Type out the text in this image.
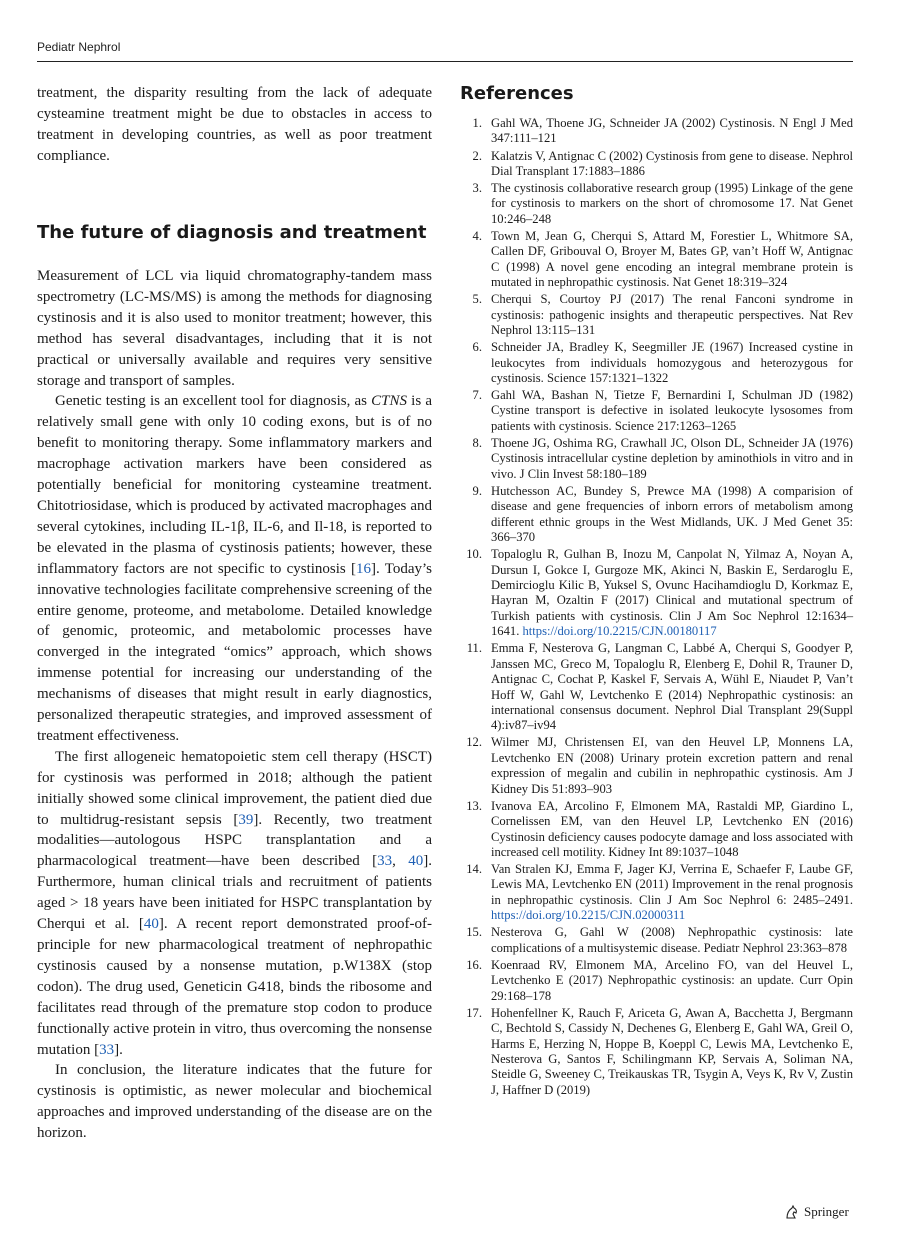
Pediatr Nephrol

treatment, the disparity resulting from the lack of adequate cysteamine treatment might be due to obstacles in access to treatment in developing countries, as well as poor treatment compliance.

The future of diagnosis and treatment

Measurement of LCL via liquid chromatography-tandem mass spectrometry (LC-MS/MS) is among the methods for diagnosing cystinosis and it is also used to monitor treatment; however, this method has several disadvantages, including that it is not practical or universally available and requires very sensitive storage and transport of samples.

Genetic testing is an excellent tool for diagnosis, as CTNS is a relatively small gene with only 10 coding exons, but is of no benefit to monitoring therapy. Some inflammatory markers and macrophage activation markers have been considered as potentially beneficial for monitoring cysteamine treatment. Chitotriosidase, which is produced by activated macrophages and several cytokines, including IL-1β, IL-6, and Il-18, is reported to be elevated in the plasma of cystinosis patients; however, these inflammatory factors are not specific to cystinosis [16]. Today’s innovative technologies facilitate comprehensive screening of the entire genome, proteome, and metabolome. Detailed knowledge of genomic, proteomic, and metabolomic processes have converged in the integrated “omics” approach, which shows immense potential for increasing our understanding of the mechanisms of diseases that might result in early diagnostics, personalized therapeutic strategies, and improved assessment of treatment effectiveness.

The first allogeneic hematopoietic stem cell therapy (HSCT) for cystinosis was performed in 2018; although the patient initially showed some clinical improvement, the patient died due to multidrug-resistant sepsis [39]. Recently, two treatment modalities—autologous HSPC transplantation and a pharmacological treatment—have been described [33, 40]. Furthermore, human clinical trials and recruitment of patients aged > 18 years have been initiated for HSPC transplantation by Cherqui et al. [40]. A recent report demonstrated proof-of-principle for new pharmacological treatment of nephropathic cystinosis caused by a nonsense mutation, p.W138X (stop codon). The drug used, Geneticin G418, binds the ribosome and facilitates read through of the premature stop codon to produce functionally active protein in vitro, thus overcoming the nonsense mutation [33].

In conclusion, the literature indicates that the future for cystinosis is optimistic, as newer molecular and biochemical approaches and improved understanding of the disease are on the horizon.

References
1. Gahl WA, Thoene JG, Schneider JA (2002) Cystinosis. N Engl J Med 347:111–121
2. Kalatzis V, Antignac C (2002) Cystinosis from gene to disease. Nephrol Dial Transplant 17:1883–1886
3. The cystinosis collaborative research group (1995) Linkage of the gene for cystinosis to markers on the short of chromosome 17. Nat Genet 10:246–248
4. Town M, Jean G, Cherqui S, Attard M, Forestier L, Whitmore SA, Callen DF, Gribouval O, Broyer M, Bates GP, van’t Hoff W, Antignac C (1998) A novel gene encoding an integral membrane protein is mutated in nephropathic cystinosis. Nat Genet 18:319–324
5. Cherqui S, Courtoy PJ (2017) The renal Fanconi syndrome in cystinosis: pathogenic insights and therapeutic perspectives. Nat Rev Nephrol 13:115–131
6. Schneider JA, Bradley K, Seegmiller JE (1967) Increased cystine in leukocytes from individuals homozygous and heterozygous for cystinosis. Science 157:1321–1322
7. Gahl WA, Bashan N, Tietze F, Bernardini I, Schulman JD (1982) Cystine transport is defective in isolated leukocyte lysosomes from patients with cystinosis. Science 217:1263–1265
8. Thoene JG, Oshima RG, Crawhall JC, Olson DL, Schneider JA (1976) Cystinosis intracellular cystine depletion by aminothiols in vitro and in vivo. J Clin Invest 58:180–189
9. Hutchesson AC, Bundey S, Prewce MA (1998) A comparision of disease and gene frequencies of inborn errors of metabolism among different ethnic groups in the West Midlands, UK. J Med Genet 35: 366–370
10. Topaloglu R, Gulhan B, Inozu M, Canpolat N, Yilmaz A, Noyan A, Dursun I, Gokce I, Gurgoze MK, Akinci N, Baskin E, Serdaroglu E, Demircioglu Kilic B, Yuksel S, Ovunc Hacihamdioglu D, Korkmaz E, Hayran M, Ozaltin F (2017) Clinical and mutational spectrum of Turkish patients with cystinosis. Clin J Am Soc Nephrol 12:1634–1641. https://doi.org/10.2215/CJN.00180117
11. Emma F, Nesterova G, Langman C, Labbé A, Cherqui S, Goodyer P, Janssen MC, Greco M, Topaloglu R, Elenberg E, Dohil R, Trauner D, Antignac C, Cochat P, Kaskel F, Servais A, Wühl E, Niaudet P, Van’t Hoff W, Gahl W, Levtchenko E (2014) Nephropathic cystinosis: an international consensus document. Nephrol Dial Transplant 29(Suppl 4):iv87–iv94
12. Wilmer MJ, Christensen EI, van den Heuvel LP, Monnens LA, Levtchenko EN (2008) Urinary protein excretion pattern and renal expression of megalin and cubilin in nephropathic cystinosis. Am J Kidney Dis 51:893–903
13. Ivanova EA, Arcolino F, Elmonem MA, Rastaldi MP, Giardino L, Cornelissen EM, van den Heuvel LP, Levtchenko EN (2016) Cystinosin deficiency causes podocyte damage and loss associated with increased cell motility. Kidney Int 89:1037–1048
14. Van Stralen KJ, Emma F, Jager KJ, Verrina E, Schaefer F, Laube GF, Lewis MA, Levtchenko EN (2011) Improvement in the renal prognosis in nephropathic cystinosis. Clin J Am Soc Nephrol 6: 2485–2491. https://doi.org/10.2215/CJN.02000311
15. Nesterova G, Gahl W (2008) Nephropathic cystinosis: late complications of a multisystemic disease. Pediatr Nephrol 23:363–878
16. Koenraad RV, Elmonem MA, Arcelino FO, van del Heuvel L, Levtchenko E (2017) Nephropathic cystinosis: an update. Curr Opin 29:168–178
17. Hohenfellner K, Rauch F, Ariceta G, Awan A, Bacchetta J, Bergmann C, Bechtold S, Cassidy N, Dechenes G, Elenberg E, Gahl WA, Greil O, Harms E, Herzing N, Hoppe B, Koeppl C, Lewis MA, Levtchenko E, Nesterova G, Santos F, Schilingmann KP, Servais A, Soliman NA, Steidle G, Sweeney C, Treikauskas TR, Tsygin A, Veys K, Rv V, Zustin J, Haffner D (2019)
Springer
